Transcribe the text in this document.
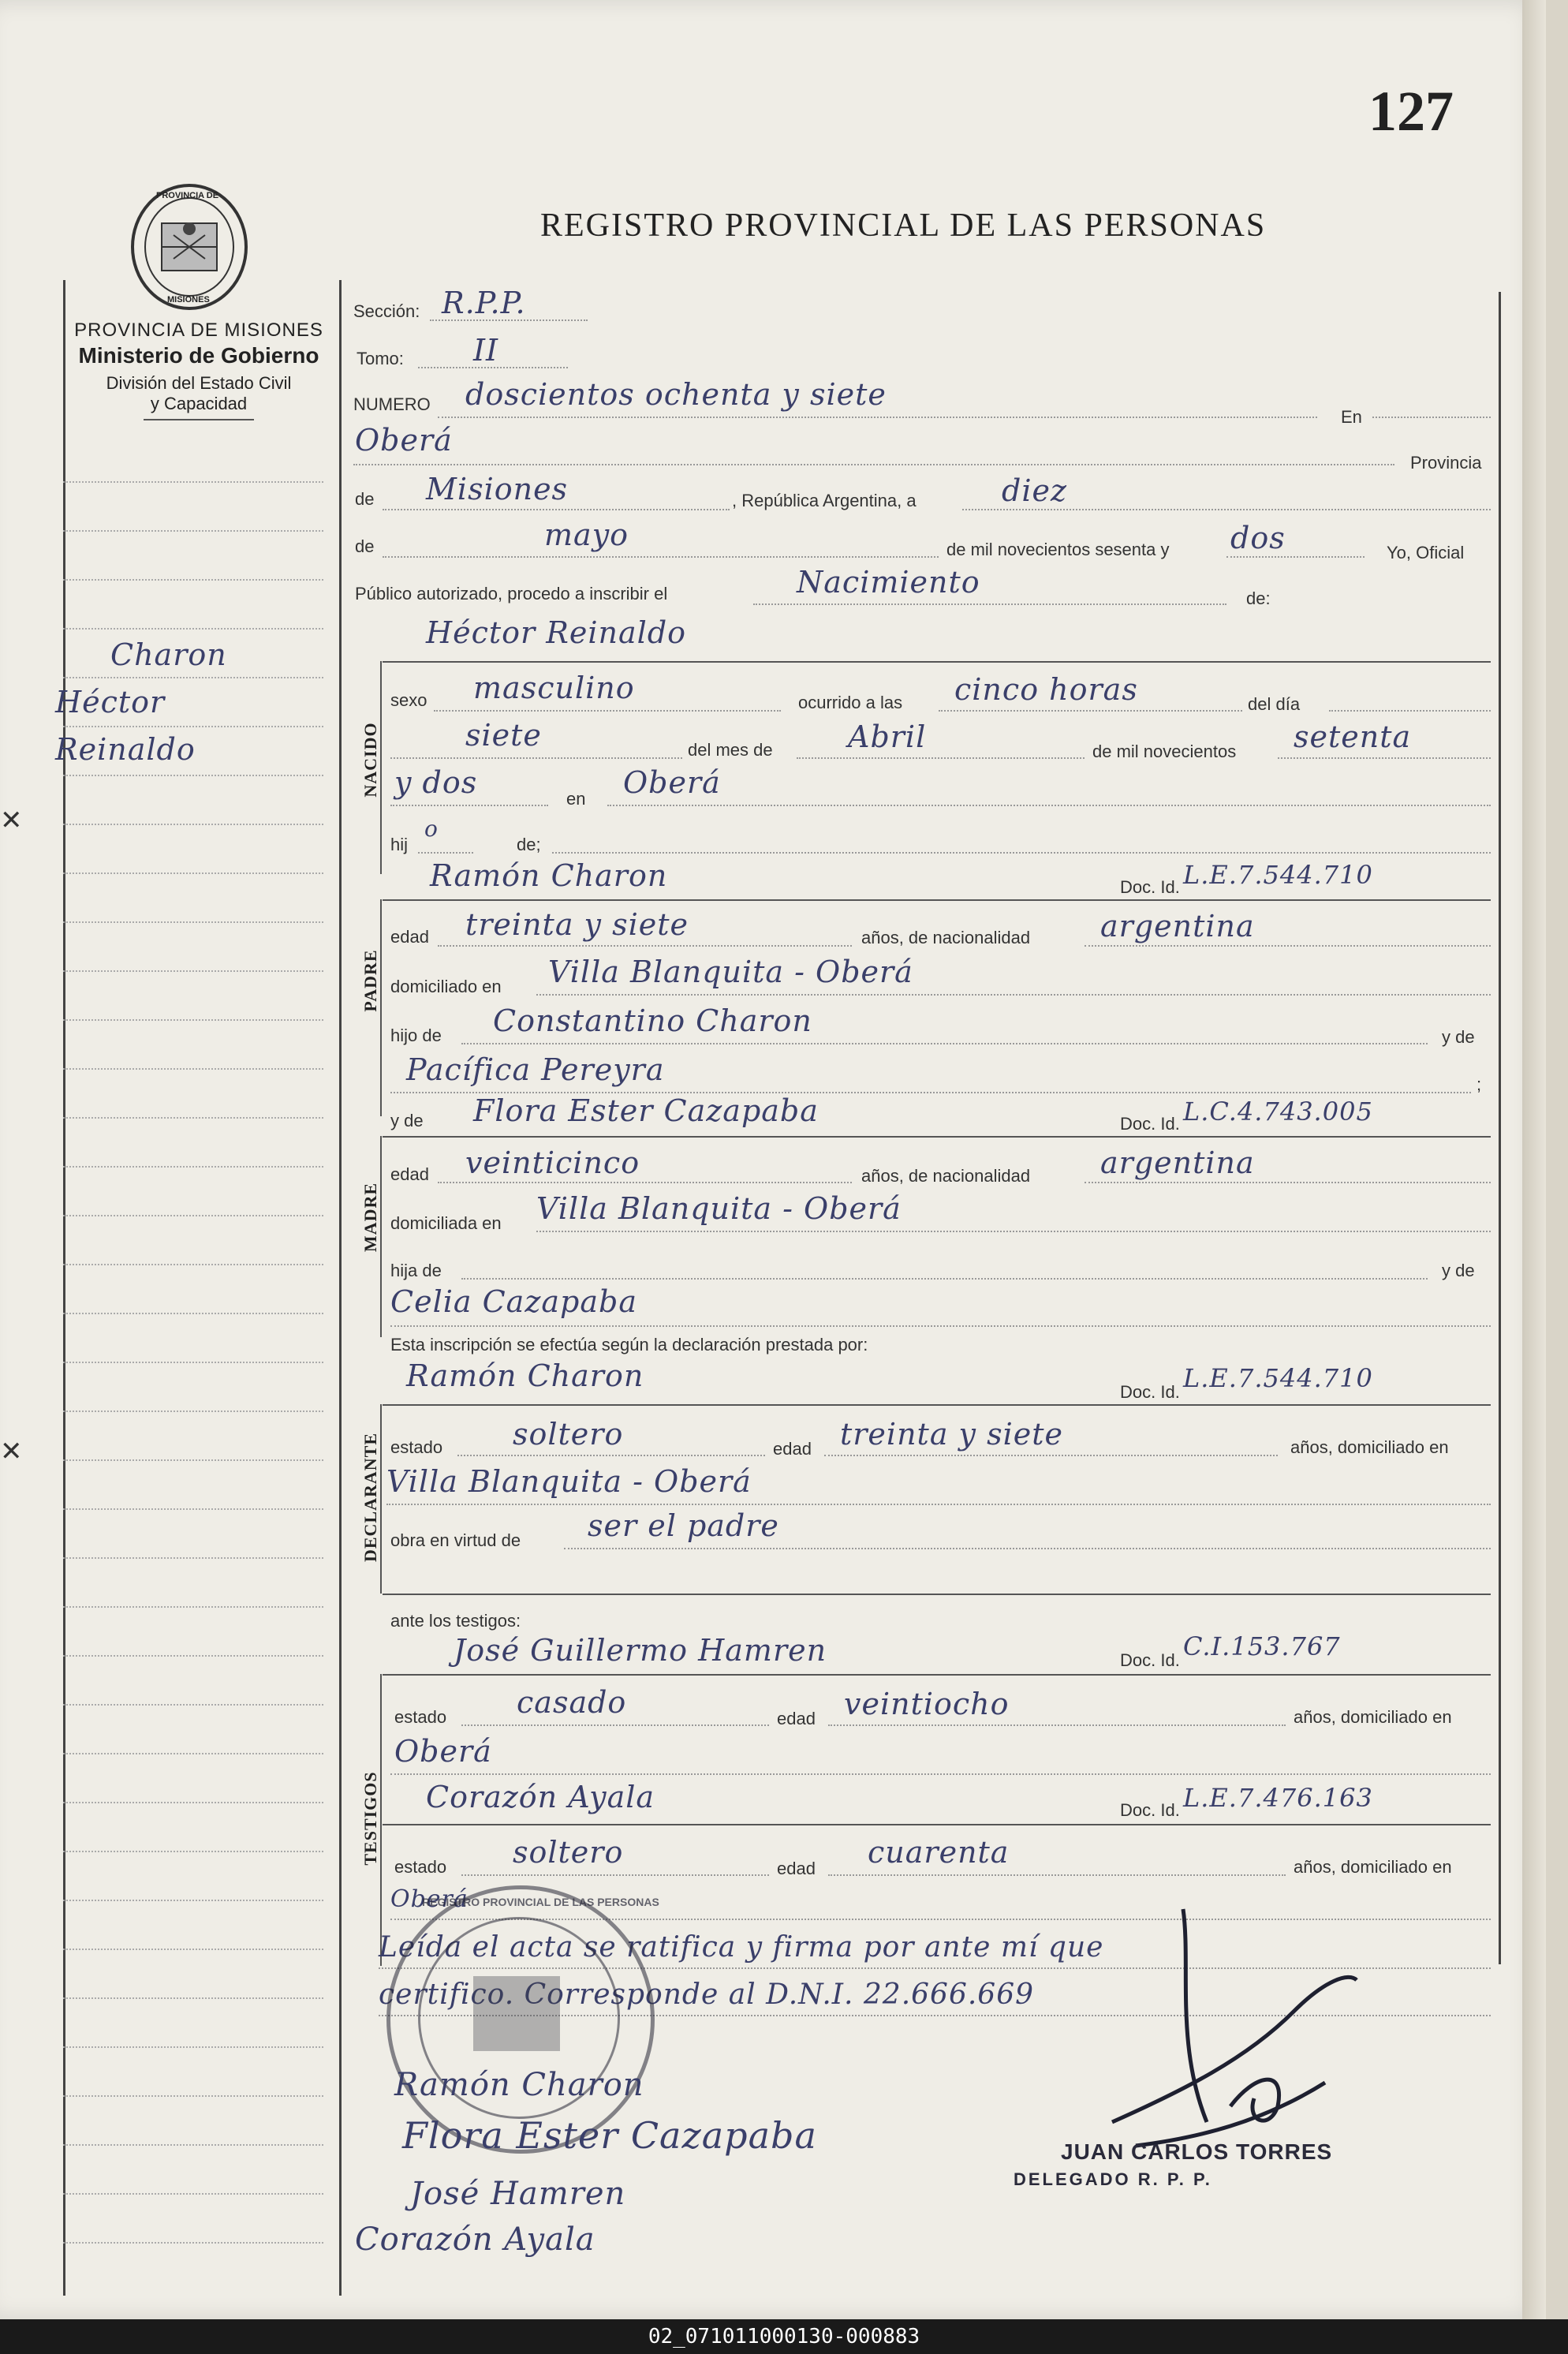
127
REGISTRO PROVINCIAL DE LAS PERSONAS
PROVINCIA DE
MISIONES
PROVINCIA DE MISIONES
Ministerio de Gobierno
División del Estado Civil
y Capacidad
Charon
Héctor
Reinaldo
Sección: R.P.P.
Tomo: II
NUMERO doscientos ochenta y siete
En
Oberá
Provincia
de Misiones	, República Argentina, a	diez
de	mayo	de mil novecientos sesenta y dos	Yo, Oficial
Público autorizado, procedo a inscribir el	Nacimiento	de:
Héctor Reinaldo
NACIDO
sexo masculino	ocurrido a las cinco horas	del día
siete	del mes de	Abril	de mil novecientos setenta
y dos	en Oberá
hij
o
de;
Ramón Charon	Doc. Id. L.E.7.544.710
PADRE
edad treinta y siete	años, de nacionalidad argentina
domiciliado en Villa Blanquita - Oberá
hijo de Constantino Charon	y de
Pacífica Pereyra	;
y de Flora Ester Cazapaba	Doc. Id. L.C.4.743.005
MADRE
edad veinticinco	años, de nacionalidad argentina
domiciliada en Villa Blanquita - Oberá
hija de	y de
Celia Cazapaba
Esta inscripción se efectúa según la declaración prestada por:
Ramón Charon	Doc. Id. L.E.7.544.710
DECLARANTE estado soltero	edad treinta y siete	años, domiciliado en
Villa Blanquita - Oberá
obra en virtud de ser el padre
ante los testigos:
José Guillermo Hamren	Doc. Id. C.I.153.767
TESTIGOS
estado casado	edad veintiocho	años, domiciliado en
Oberá
Corazón Ayala	Doc. Id. L.E.7.476.163
estado soltero	edad cuarenta	años, domiciliado en
Oberá
Leída el acta se ratifica y firma por ante mí que
certifico. Corresponde al D.N.I. 22.666.669
REGISTRO PROVINCIAL DE LAS PERSONAS
Ramón Charon
Flora Ester Cazapaba
José Hamren
Corazón Ayala
JUAN CARLOS TORRES
DELEGADO R. P. P.
✕
✕
02_071011000130-000883
